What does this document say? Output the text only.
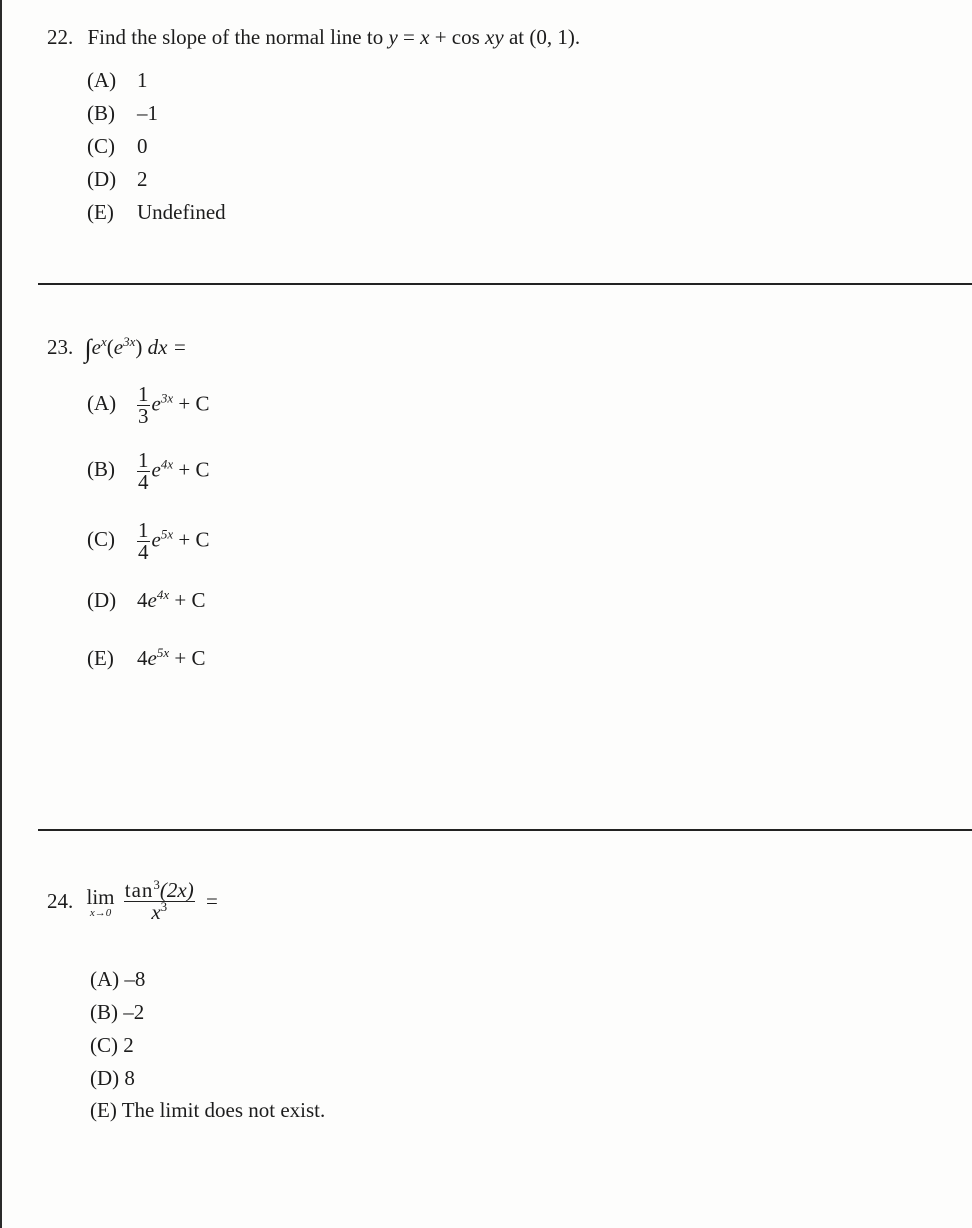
22. Find the slope of the normal line to y = x + cos xy at (0, 1).
(A) 1
(B) –1
(C) 0
(D) 2
(E) Undefined
23. $\int e^x(e^{3x})$ dx =
$(A) \frac{1}{3} e^{3x} + C$
$(B) \frac{1}{4} e^{4x} + C$
$(C) \frac{1}{4} e^{5x} + C$
(D) $4e^{4x} + C$
(E) $4e^{5x} + C$
24. lim
x→0
$\frac{\tan^3(2x)}{x^3}$ =
(A) –8
(B) –2
(C) 2
(D) 8
(E) The limit does not exist.
